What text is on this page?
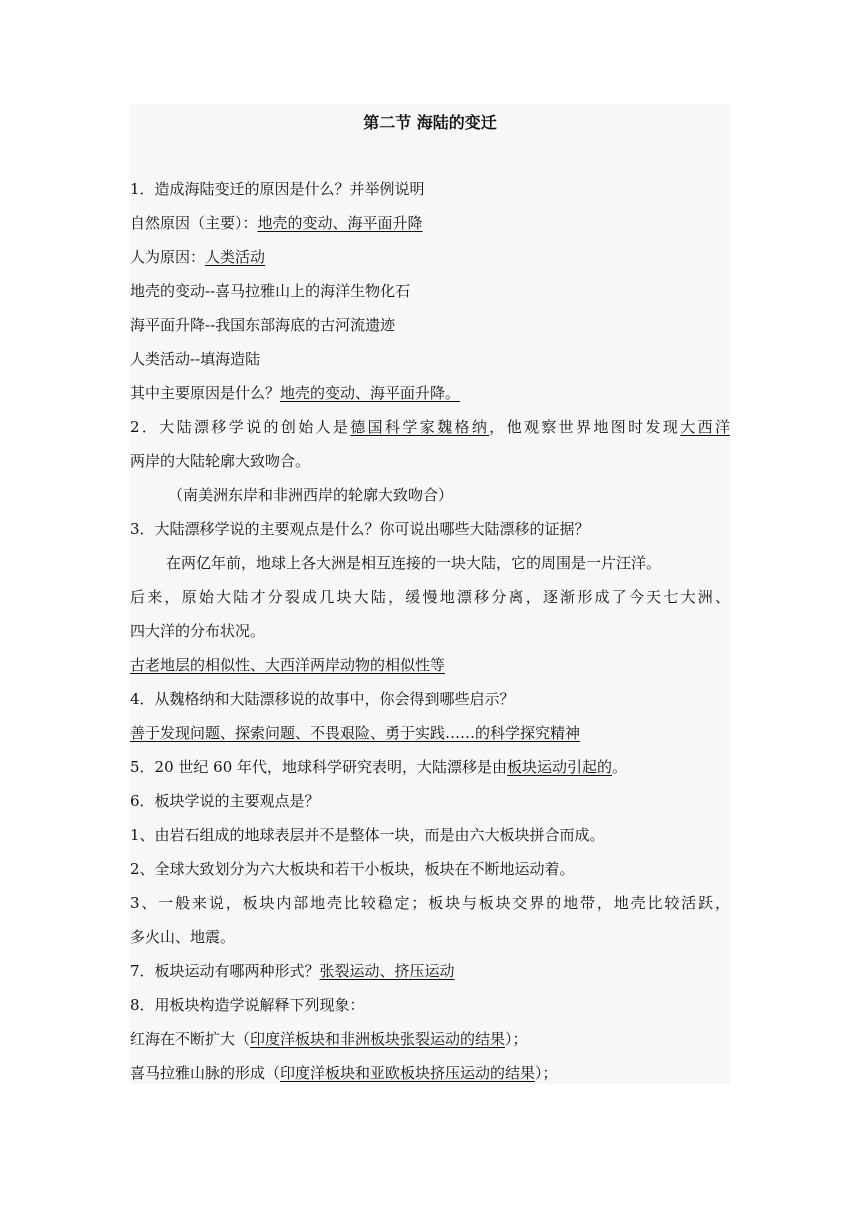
第二节 海陆的变迁
1．造成海陆变迁的原因是什么？并举例说明
自然原因（主要）：地壳的变动、海平面升降
人为原因：人类活动
地壳的变动--喜马拉雅山上的海洋生物化石
海平面升降--我国东部海底的古河流遗迹
人类活动--填海造陆
其中主要原因是什么？地壳的变动、海平面升降。
2．大陆漂移学说的创始人是德国科学家魏格纳，他观察世界地图时发现大西洋
两岸的大陆轮廓大致吻合。
（南美洲东岸和非洲西岸的轮廓大致吻合）
3．大陆漂移学说的主要观点是什么？你可说出哪些大陆漂移的证据？
在两亿年前，地球上各大洲是相互连接的一块大陆，它的周围是一片汪洋。
后来，原始大陆才分裂成几块大陆，缓慢地漂移分离，逐渐形成了今天七大洲、
四大洋的分布状况。
古老地层的相似性、大西洋两岸动物的相似性等
4．从魏格纳和大陆漂移说的故事中，你会得到哪些启示？
善于发现问题、探索问题、不畏艰险、勇于实践……的科学探究精神
5．20 世纪 60 年代，地球科学研究表明，大陆漂移是由板块运动引起的。
6．板块学说的主要观点是？
1、由岩石组成的地球表层并不是整体一块，而是由六大板块拼合而成。
2、全球大致划分为六大板块和若干小板块，板块在不断地运动着。
3、一般来说，板块内部地壳比较稳定；板块与板块交界的地带，地壳比较活跃，
多火山、地震。
7．板块运动有哪两种形式？张裂运动、挤压运动
8．用板块构造学说解释下列现象：
红海在不断扩大（印度洋板块和非洲板块张裂运动的结果）；
喜马拉雅山脉的形成（印度洋板块和亚欧板块挤压运动的结果）；
